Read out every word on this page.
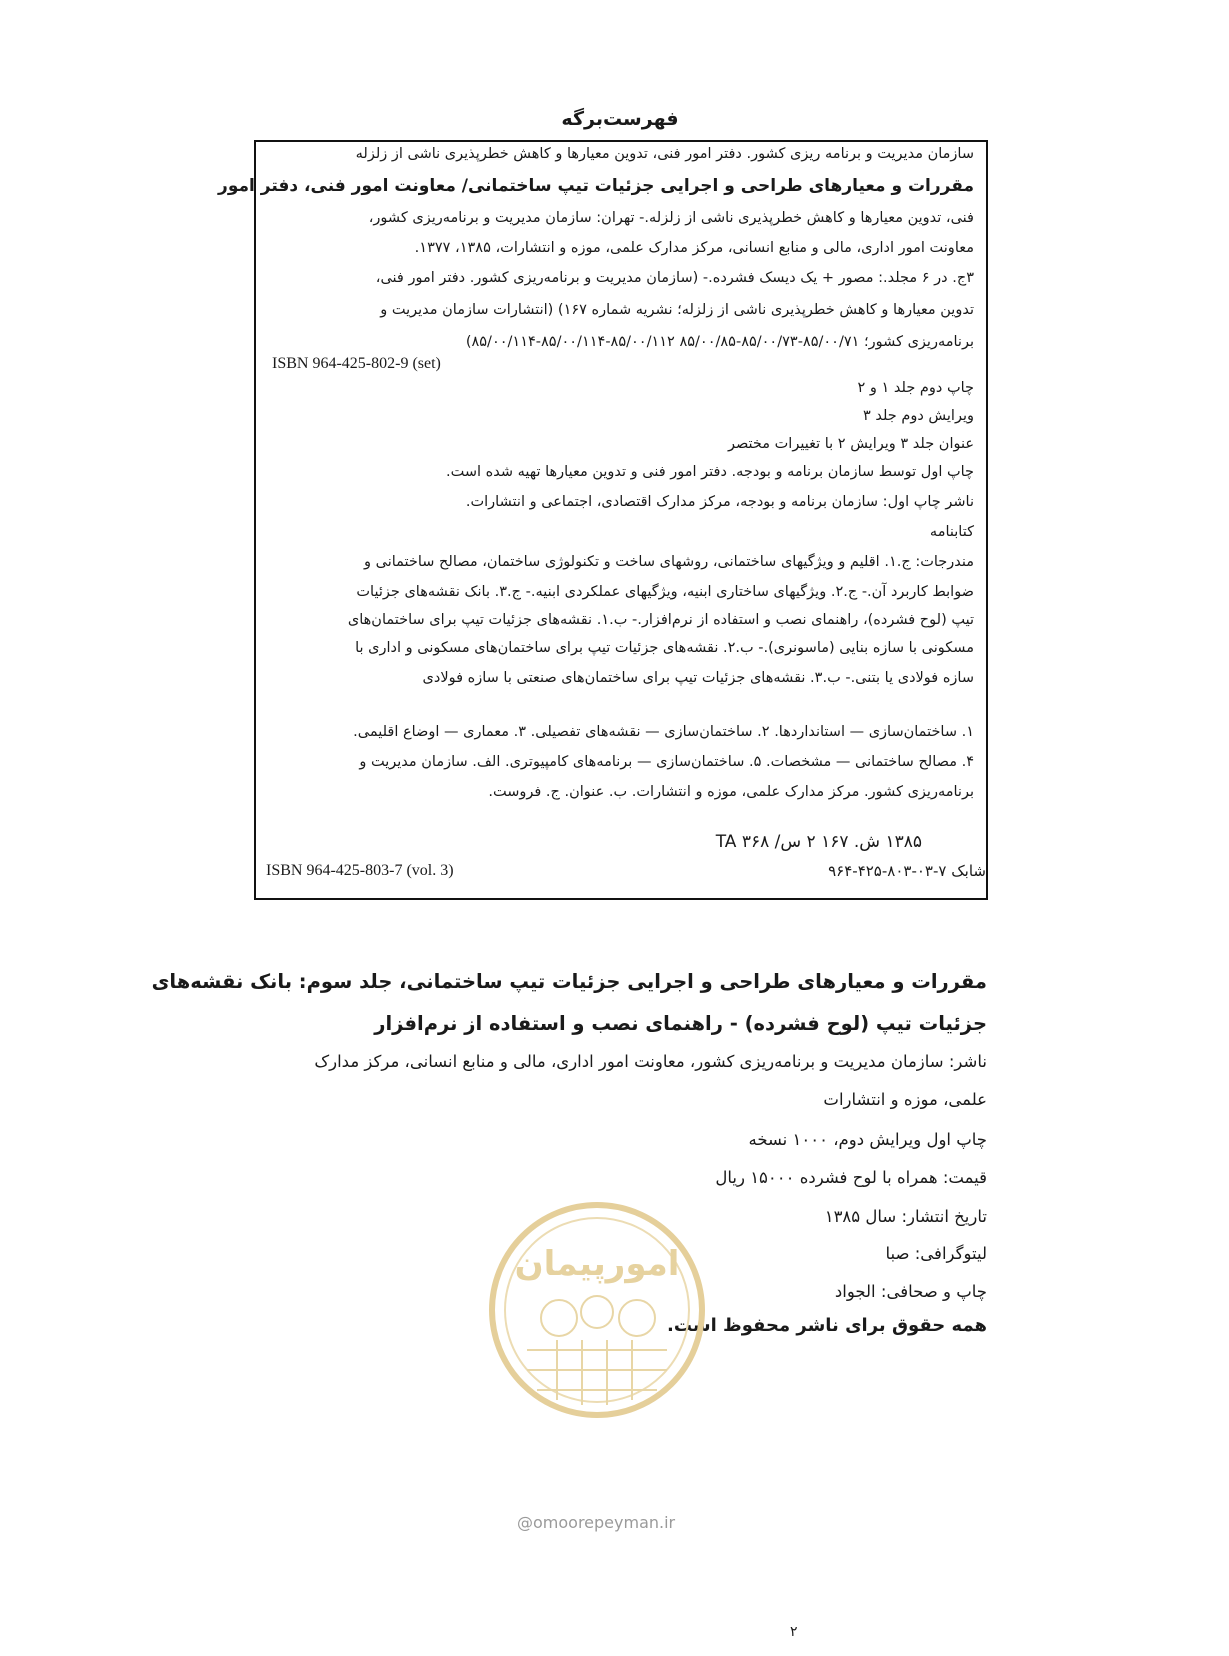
فهرست‌برگه
سازمان مدیریت و برنامه ریزی کشور. دفتر امور فنی، تدوین معیارها و کاهش خطرپذیری ناشی از زلزله
مقررات و معیارهای طراحی و اجرایی جزئیات تیپ ساختمانی/ معاونت امور فنی، دفتر امور
فنی، تدوین معیارها و کاهش خطرپذیری ناشی از زلزله.- تهران: سازمان مدیریت و برنامه‌ریزی کشور،
معاونت امور اداری، مالی و منابع انسانی، مرکز مدارک علمی، موزه و انتشارات، ۱۳۸۵، ۱۳۷۷.
۳ج. در ۶ مجلد.: مصور + یک دیسک فشرده.- (سازمان مدیریت و برنامه‌ریزی کشور. دفتر امور فنی،
تدوین معیارها و کاهش خطرپذیری ناشی از زلزله؛ نشریه شماره ۱۶۷) (انتشارات سازمان مدیریت و
برنامه‌ریزی کشور؛ ۸۵/۰۰/۷۱-۸۵/۰۰/۷۳-۸۵/۰۰/۸۵ ۸۵/۰۰/۱۱۲-۸۵/۰۰/۱۱۴-۸۵/۰۰/۱۱۴)
ISBN 964-425-802-9 (set)
چاپ دوم جلد ۱ و ۲
ویرایش دوم جلد ۳
عنوان جلد ۳ ویرایش ۲ با تغییرات مختصر
چاپ اول توسط سازمان برنامه و بودجه. دفتر امور فنی و تدوین معیارها تهیه شده است.
ناشر چاپ اول: سازمان برنامه و بودجه، مرکز مدارک اقتصادی، اجتماعی و انتشارات.
کتابنامه
مندرجات: ج.۱. اقلیم و ویژگیهای ساختمانی، روشهای ساخت و تکنولوژی ساختمان، مصالح ساختمانی و
ضوابط کاربرد آن.- ج.۲. ویژگیهای ساختاری ابنیه، ویژگیهای عملکردی ابنیه.- ج.۳. بانک نقشه‌های جزئیات
تیپ (لوح فشرده)، راهنمای نصب و استفاده از نرم‌افزار.- ب.۱. نقشه‌های جزئیات تیپ برای ساختمان‌های
مسکونی با سازه بنایی (ماسونری).- ب.۲. نقشه‌های جزئیات تیپ برای ساختمان‌های مسکونی و اداری با
سازه فولادی یا بتنی.- ب.۳. نقشه‌های جزئیات تیپ برای ساختمان‌های صنعتی با سازه فولادی
۱. ساختمان‌سازی — استانداردها. ۲. ساختمان‌سازی — نقشه‌های تفصیلی. ۳. معماری — اوضاع اقلیمی.
۴. مصالح ساختمانی — مشخصات. ۵. ساختمان‌سازی — برنامه‌های کامپیوتری. الف. سازمان مدیریت و
برنامه‌ریزی کشور. مرکز مدارک علمی، موزه و انتشارات. ب. عنوان. ج. فروست.
۱۳۸۵ ش. ۱۶۷ ۲ س/ ۳۶۸ TA
ISBN 964-425-803-7 (vol. 3)	شابک ۷-۰۳-۸۰۳-۴۲۵-۹۶۴
مقررات و معیارهای طراحی و اجرایی جزئیات تیپ ساختمانی، جلد سوم: بانک نقشه‌های
جزئیات تیپ (لوح فشرده) - راهنمای نصب و استفاده از نرم‌افزار
ناشر: سازمان مدیریت و برنامه‌ریزی کشور، معاونت امور اداری، مالی و منابع انسانی، مرکز مدارک
علمی، موزه و انتشارات
چاپ اول ویرایش دوم، ۱۰۰۰ نسخه
قیمت: همراه با لوح فشرده ۱۵۰۰۰ ریال
تاریخ انتشار: سال ۱۳۸۵
لیتوگرافی: صبا
چاپ و صحافی: الجواد
همه حقوق برای ناشر محفوظ است.
امورپیمان
@omoorepeyman.ir
۲
